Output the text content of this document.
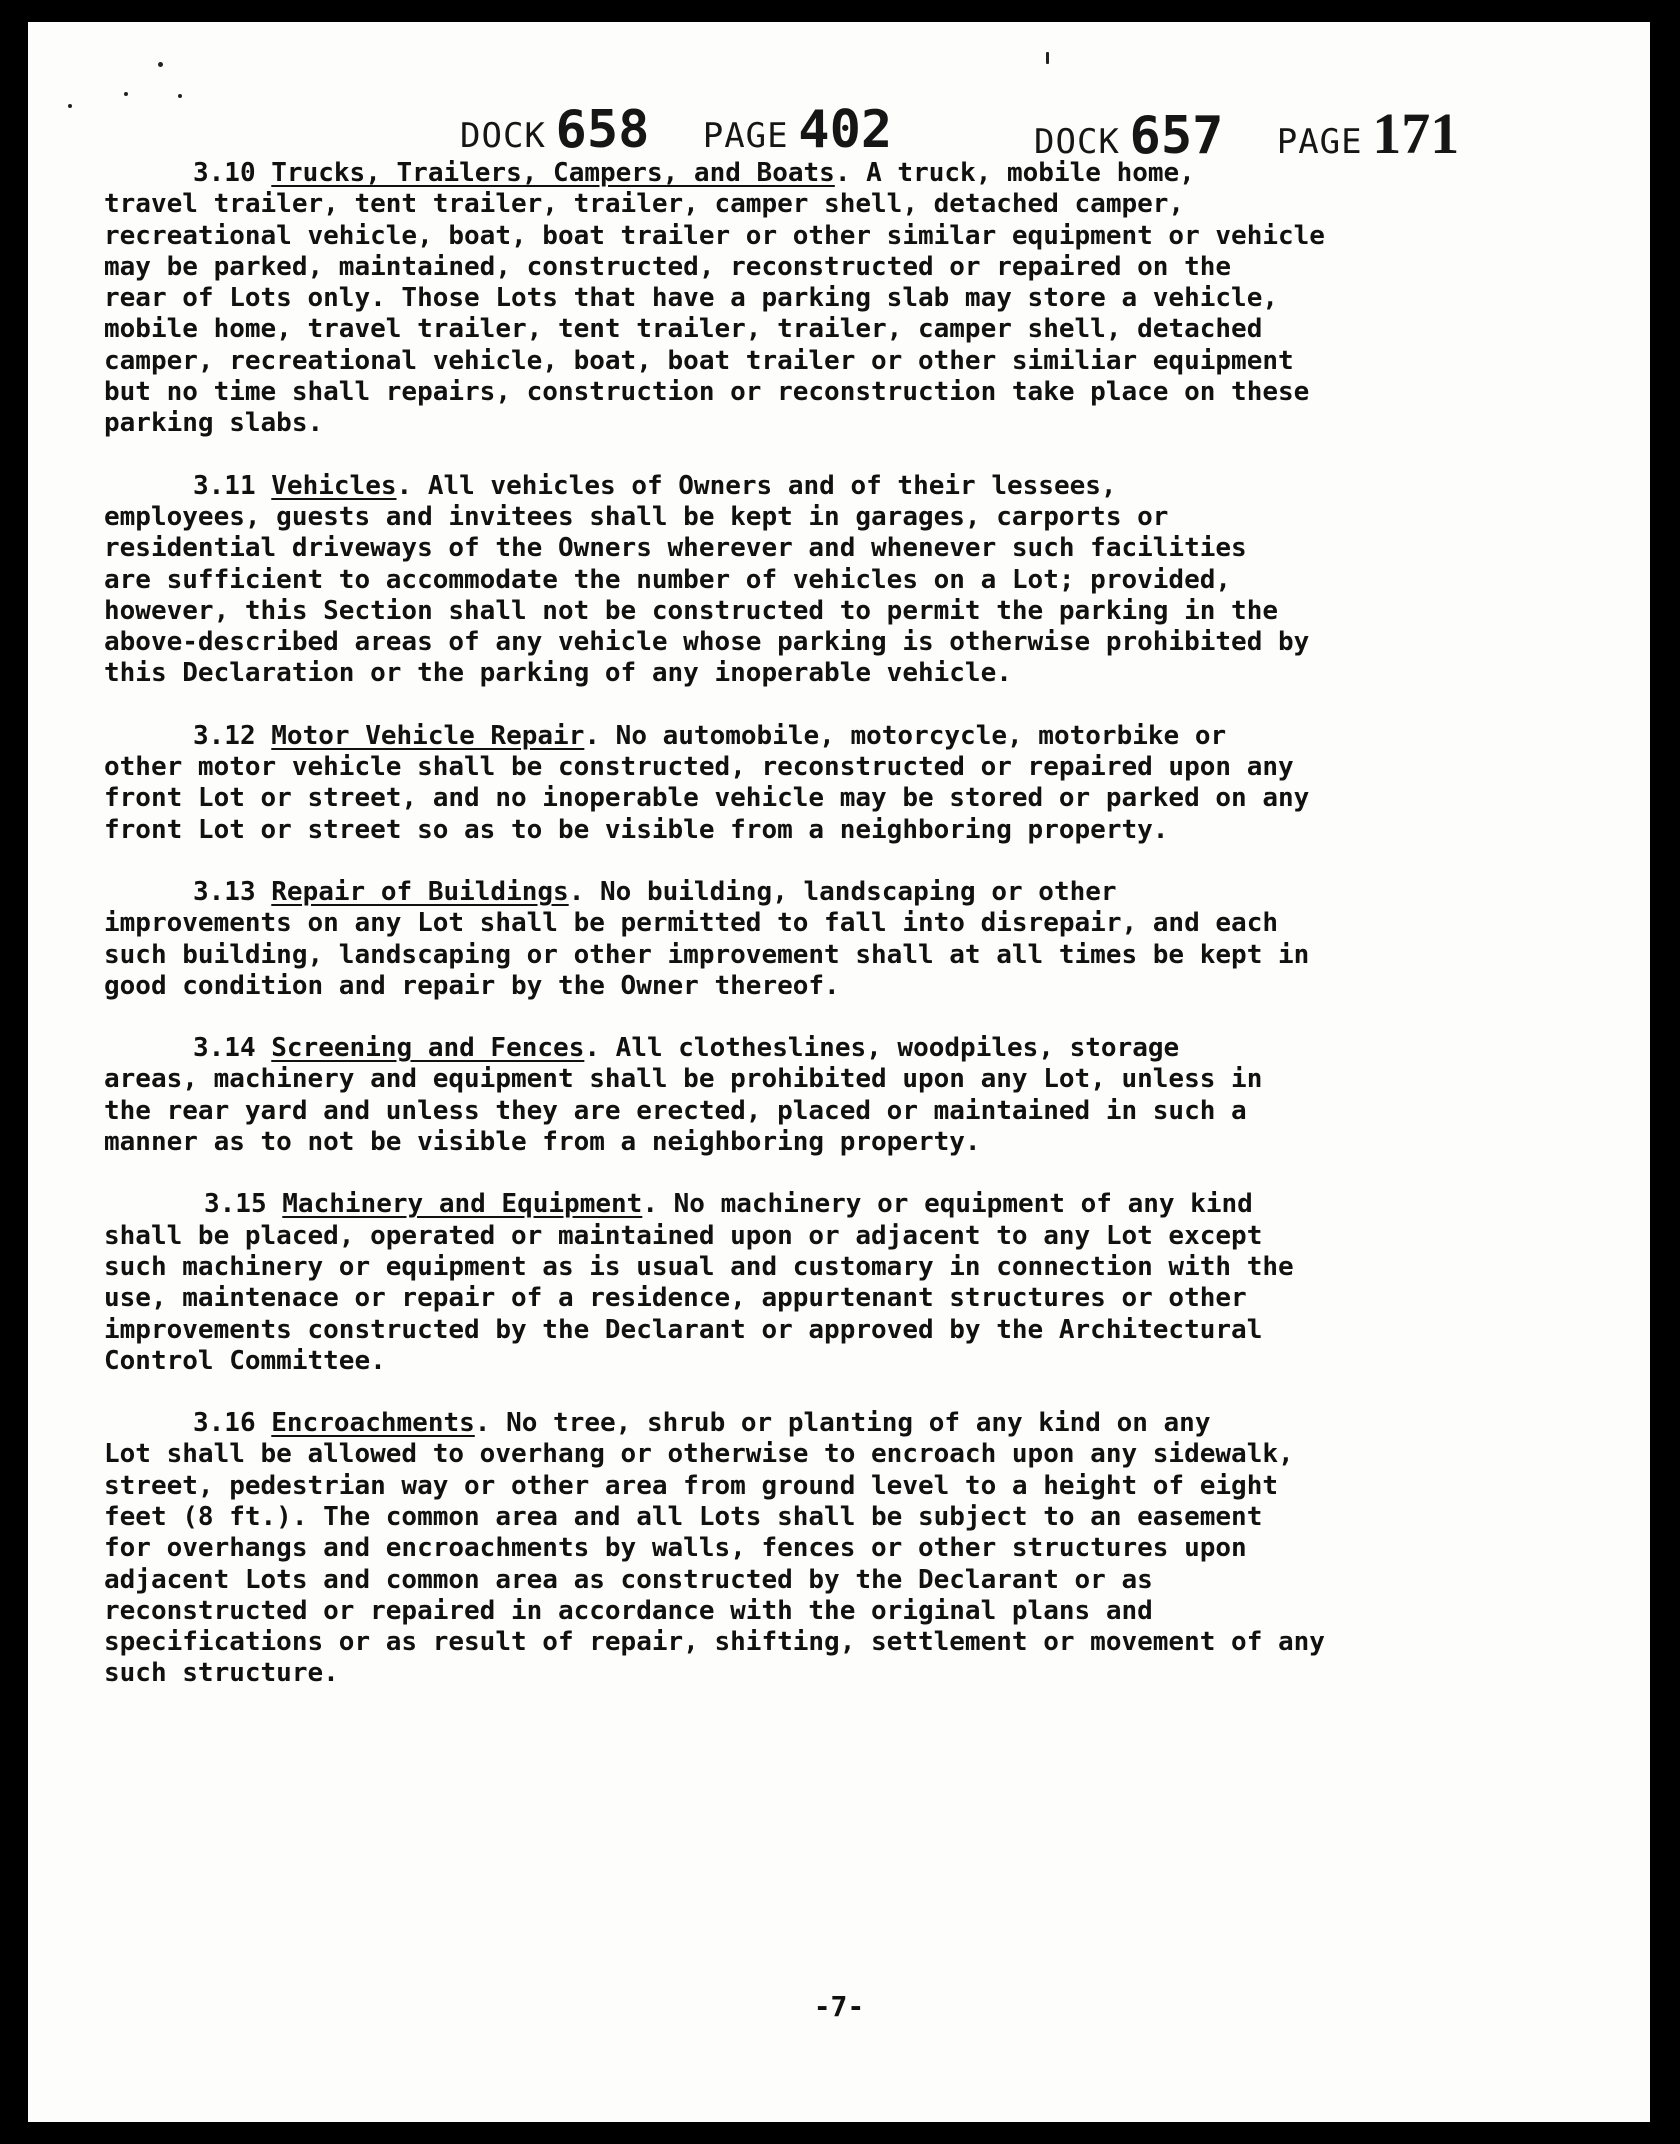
DOCK 658 PAGE 402	DOCK 657 PAGE 171
3.10 Trucks, Trailers, Campers, and Boats. A truck, mobile home,
travel trailer, tent trailer, trailer, camper shell, detached camper,
recreational vehicle, boat, boat trailer or other similar equipment or vehicle
may be parked, maintained, constructed, reconstructed or repaired on the
rear of Lots only. Those Lots that have a parking slab may store a vehicle,
mobile home, travel trailer, tent trailer, trailer, camper shell, detached
camper, recreational vehicle, boat, boat trailer or other similiar equipment
but no time shall repairs, construction or reconstruction take place on these
parking slabs.
3.11 Vehicles. All vehicles of Owners and of their lessees,
employees, guests and invitees shall be kept in garages, carports or
residential driveways of the Owners wherever and whenever such facilities
are sufficient to accommodate the number of vehicles on a Lot; provided,
however, this Section shall not be constructed to permit the parking in the
above-described areas of any vehicle whose parking is otherwise prohibited by
this Declaration or the parking of any inoperable vehicle.
3.12 Motor Vehicle Repair. No automobile, motorcycle, motorbike or
other motor vehicle shall be constructed, reconstructed or repaired upon any
front Lot or street, and no inoperable vehicle may be stored or parked on any
front Lot or street so as to be visible from a neighboring property.
3.13 Repair of Buildings. No building, landscaping or other
improvements on any Lot shall be permitted to fall into disrepair, and each
such building, landscaping or other improvement shall at all times be kept in
good condition and repair by the Owner thereof.
3.14 Screening and Fences. All clotheslines, woodpiles, storage
areas, machinery and equipment shall be prohibited upon any Lot, unless in
the rear yard and unless they are erected, placed or maintained in such a
manner as to not be visible from a neighboring property.
3.15 Machinery and Equipment. No machinery or equipment of any kind
shall be placed, operated or maintained upon or adjacent to any Lot except
such machinery or equipment as is usual and customary in connection with the
use, maintenace or repair of a residence, appurtenant structures or other
improvements constructed by the Declarant or approved by the Architectural
Control Committee.
3.16 Encroachments. No tree, shrub or planting of any kind on any
Lot shall be allowed to overhang or otherwise to encroach upon any sidewalk,
street, pedestrian way or other area from ground level to a height of eight
feet (8 ft.). The common area and all Lots shall be subject to an easement
for overhangs and encroachments by walls, fences or other structures upon
adjacent Lots and common area as constructed by the Declarant or as
reconstructed or repaired in accordance with the original plans and
specifications or as result of repair, shifting, settlement or movement of any
such structure.
-7-
